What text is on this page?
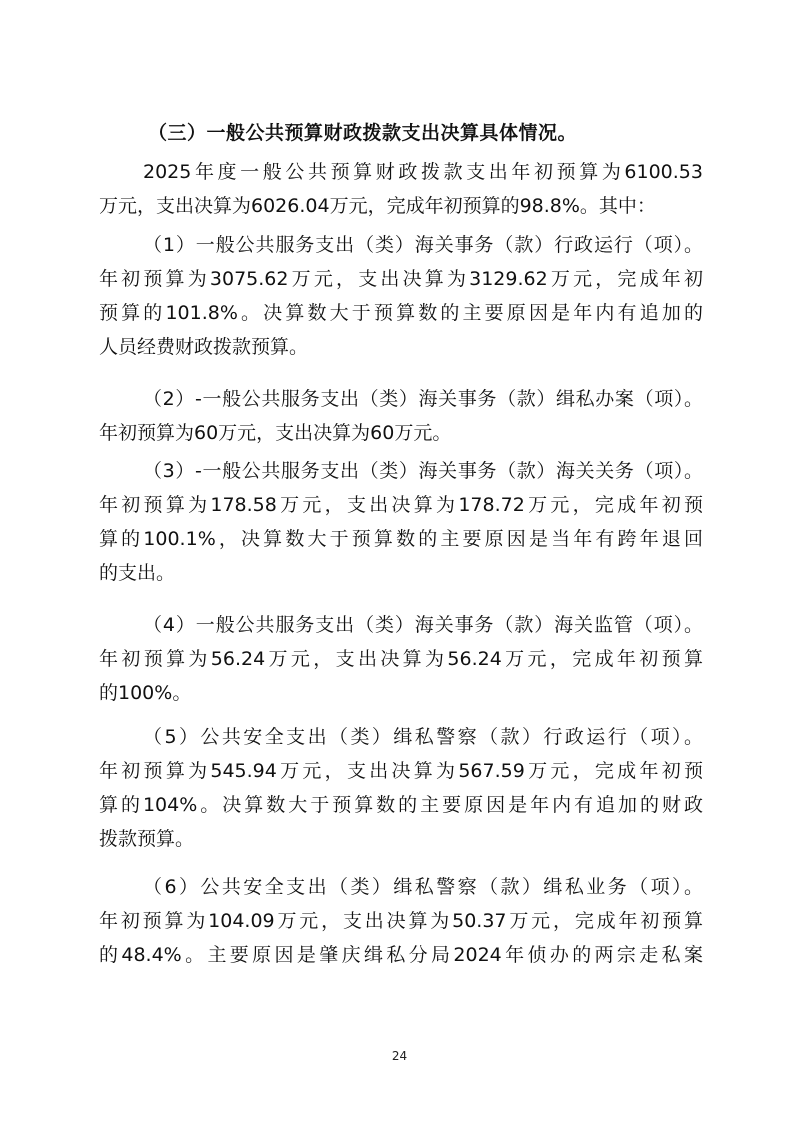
（三）一般公共预算财政拨款支出决算具体情况。
2025年度一般公共预算财政拨款支出年初预算为6100.53
万元，支出决算为6026.04万元，完成年初预算的98.8%。其中：
（1）一般公共服务支出（类）海关事务（款）行政运行（项）。
年初预算为3075.62万元，支出决算为3129.62万元，完成年初
预算的101.8%。决算数大于预算数的主要原因是年内有追加的
人员经费财政拨款预算。
（2）-一般公共服务支出（类）海关事务（款）缉私办案（项）。
年初预算为60万元，支出决算为60万元。
（3）-一般公共服务支出（类）海关事务（款）海关关务（项）。
年初预算为178.58万元，支出决算为178.72万元，完成年初预
算的100.1%，决算数大于预算数的主要原因是当年有跨年退回
的支出。
（4）一般公共服务支出（类）海关事务（款）海关监管（项）。
年初预算为56.24万元，支出决算为56.24万元，完成年初预算
的100%。
（5）公共安全支出（类）缉私警察（款）行政运行（项）。
年初预算为545.94万元，支出决算为567.59万元，完成年初预
算的104%。决算数大于预算数的主要原因是年内有追加的财政
拨款预算。
（6）公共安全支出（类）缉私警察（款）缉私业务（项）。
年初预算为104.09万元，支出决算为50.37万元，完成年初预算
的48.4%。主要原因是肇庆缉私分局2024年侦办的两宗走私案
24
